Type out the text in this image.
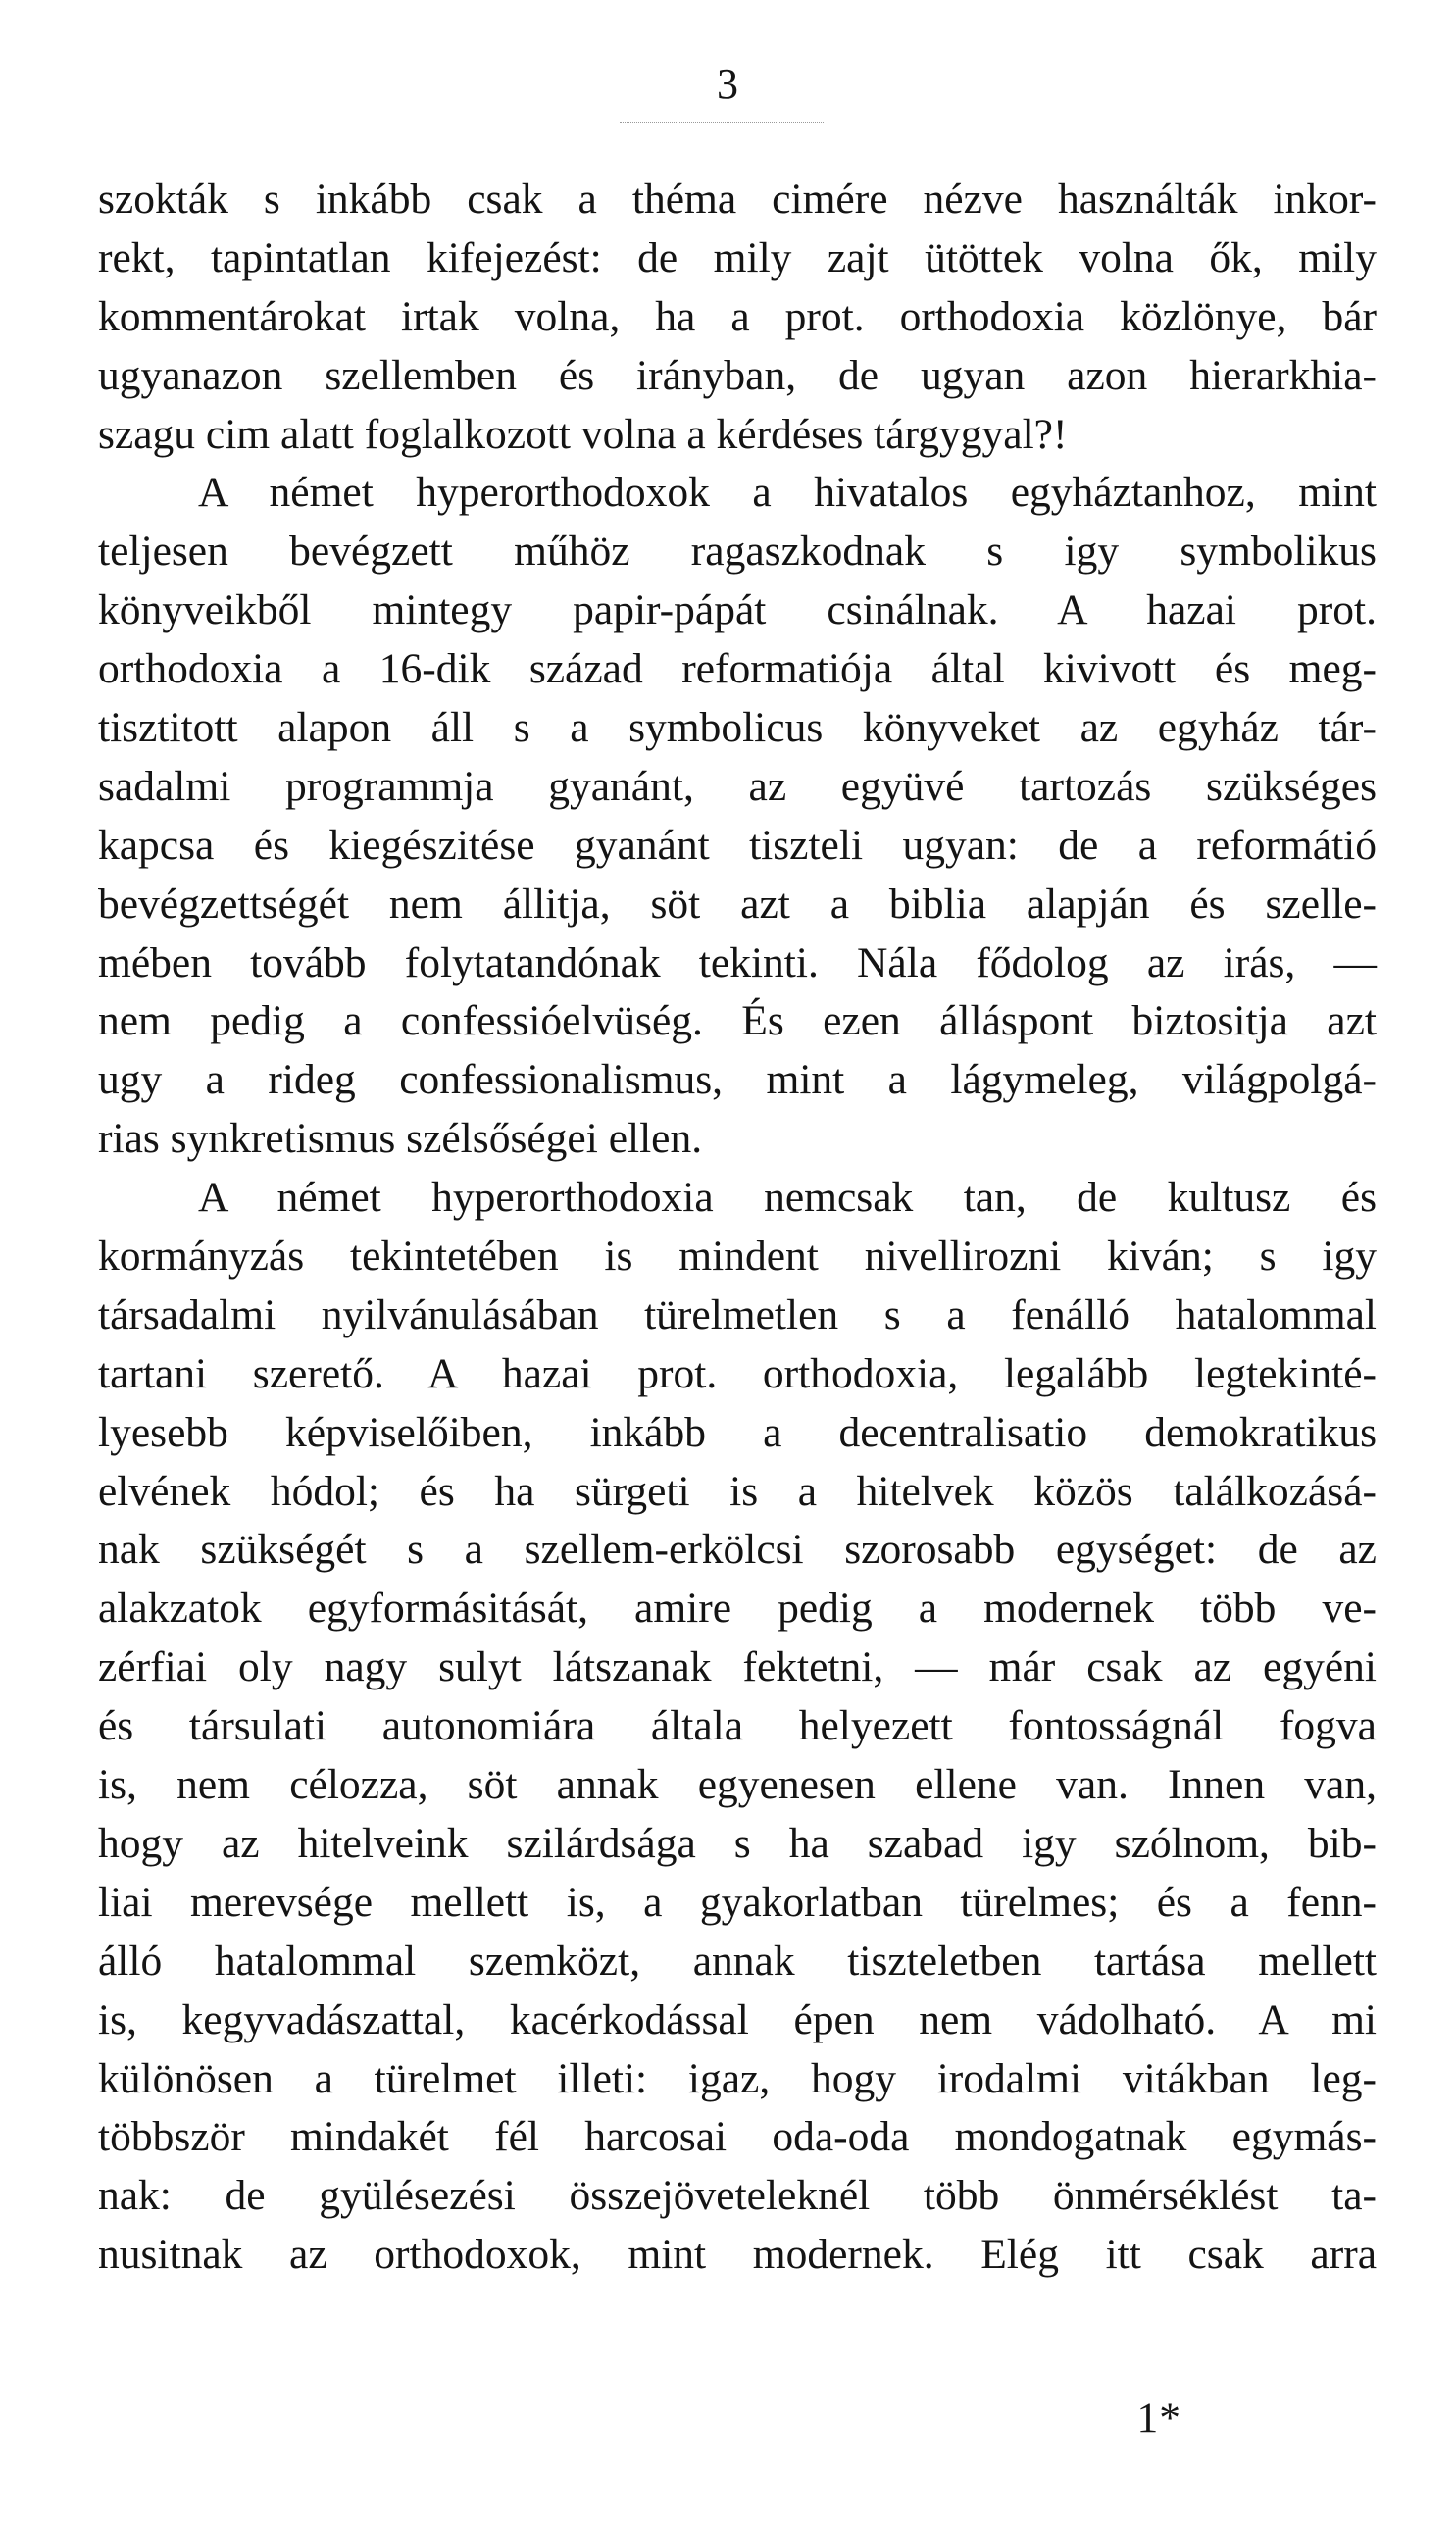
3
szokták s inkább csak a théma cimére nézve használták inkor-
rekt, tapintatlan kifejezést: de mily zajt ütöttek volna ők, mily
kommentárokat irtak volna, ha a prot. orthodoxia közlönye, bár
ugyanazon szellemben és irányban, de ugyan azon hierarkhia-
szagu cim alatt foglalkozott volna a kérdéses tárgygyal?!
A német hyperorthodoxok a hivatalos egyháztanhoz, mint
teljesen bevégzett műhöz ragaszkodnak s igy symbolikus
könyveikből mintegy papir-pápát csinálnak. A hazai prot.
orthodoxia a 16-dik század reformatiója által kivivott és meg-
tisztitott alapon áll s a symbolicus könyveket az egyház tár-
sadalmi programmja gyanánt, az együvé tartozás szükséges
kapcsa és kiegészitése gyanánt tiszteli ugyan: de a reformátió
bevégzettségét nem állitja, söt azt a biblia alapján és szelle-
mében tovább folytatandónak tekinti. Nála fődolog az irás, —
nem pedig a confessióelvüség. És ezen álláspont biztositja azt
ugy a rideg confessionalismus, mint a lágymeleg, világpolgá-
rias synkretismus szélsőségei ellen.
A német hyperorthodoxia nemcsak tan, de kultusz és
kormányzás tekintetében is mindent nivellirozni kiván; s igy
társadalmi nyilvánulásában türelmetlen s a fenálló hatalommal
tartani szerető. A hazai prot. orthodoxia, legalább legtekinté-
lyesebb képviselőiben, inkább a decentralisatio demokratikus
elvének hódol; és ha sürgeti is a hitelvek közös találkozásá-
nak szükségét s a szellem-erkölcsi szorosabb egységet: de az
alakzatok egyformásitását, amire pedig a modernek több ve-
zérfiai oly nagy sulyt látszanak fektetni, — már csak az egyéni
és társulati autonomiára általa helyezett fontosságnál fogva
is, nem célozza, söt annak egyenesen ellene van. Innen van,
hogy az hitelveink szilárdsága s ha szabad igy szólnom, bib-
liai merevsége mellett is, a gyakorlatban türelmes; és a fenn-
álló hatalommal szemközt, annak tiszteletben tartása mellett
is, kegyvadászattal, kacérkodással épen nem vádolható. A mi
különösen a türelmet illeti: igaz, hogy irodalmi vitákban leg-
többször mindakét fél harcosai oda-oda mondogatnak egymás-
nak: de gyülésezési összejöveteleknél több önmérséklést ta-
nusitnak az orthodoxok, mint modernek. Elég itt csak arra
1*
